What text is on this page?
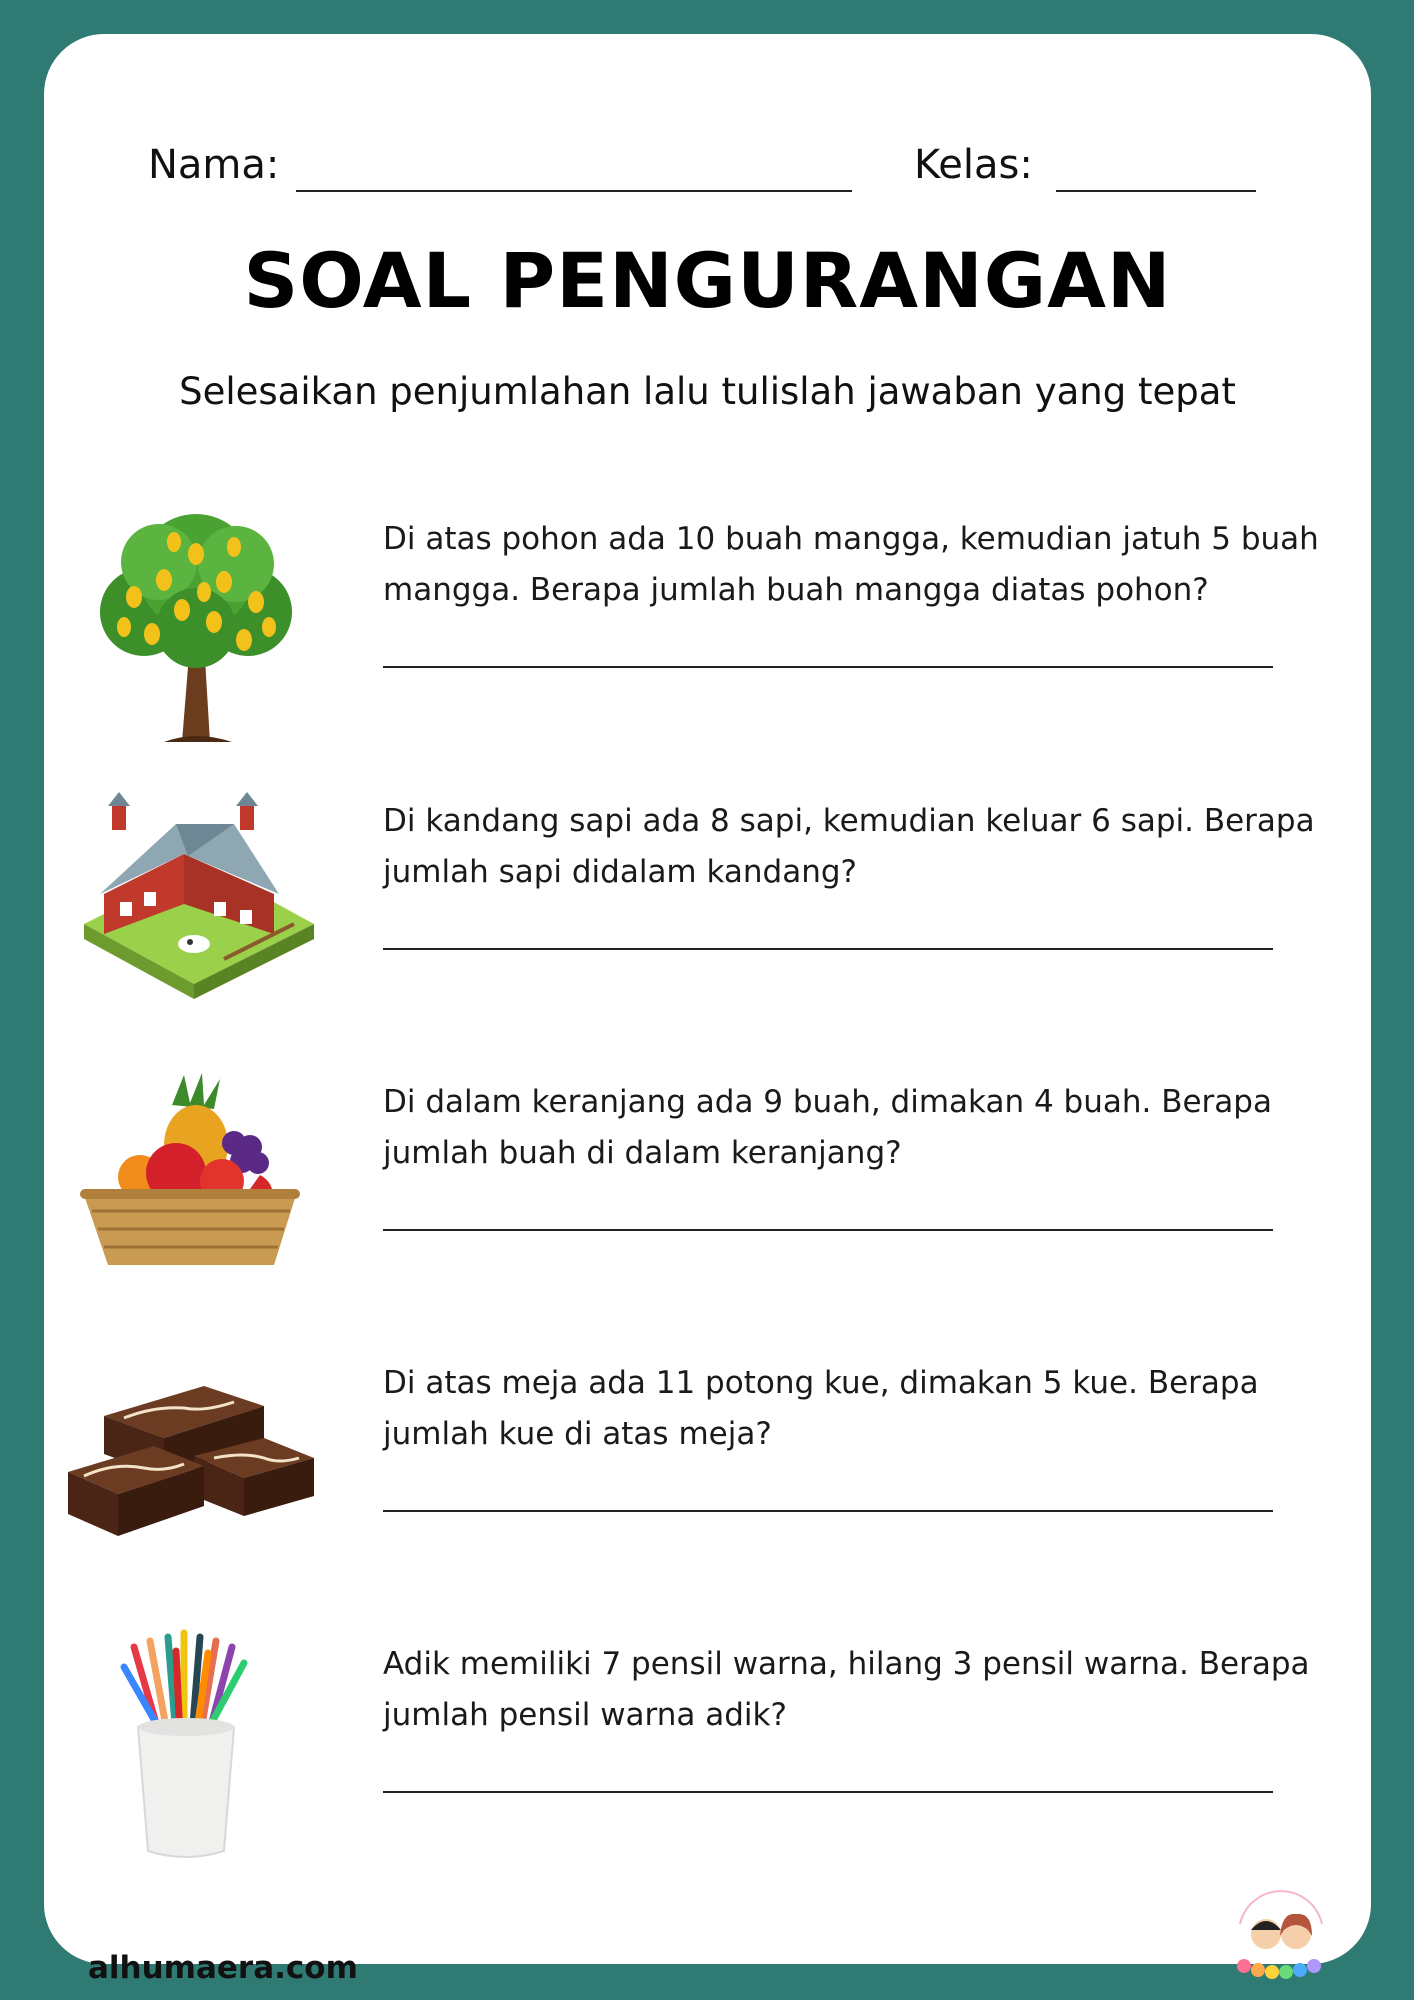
Nama:	Kelas:
SOAL PENGURANGAN
Selesaikan penjumlahan lalu tulislah jawaban yang tepat
Di atas pohon ada 10 buah mangga, kemudian jatuh 5 buah mangga. Berapa jumlah buah mangga diatas pohon?
Di kandang sapi ada 8 sapi, kemudian keluar 6 sapi. Berapa jumlah sapi didalam kandang?
Di dalam keranjang ada 9 buah, dimakan 4 buah. Berapa jumlah buah di dalam keranjang?
Di atas meja ada 11 potong kue, dimakan 5 kue. Berapa jumlah kue di atas meja?
Adik memiliki 7 pensil warna, hilang 3 pensil warna. Berapa jumlah pensil warna adik?
alhumaera.com
